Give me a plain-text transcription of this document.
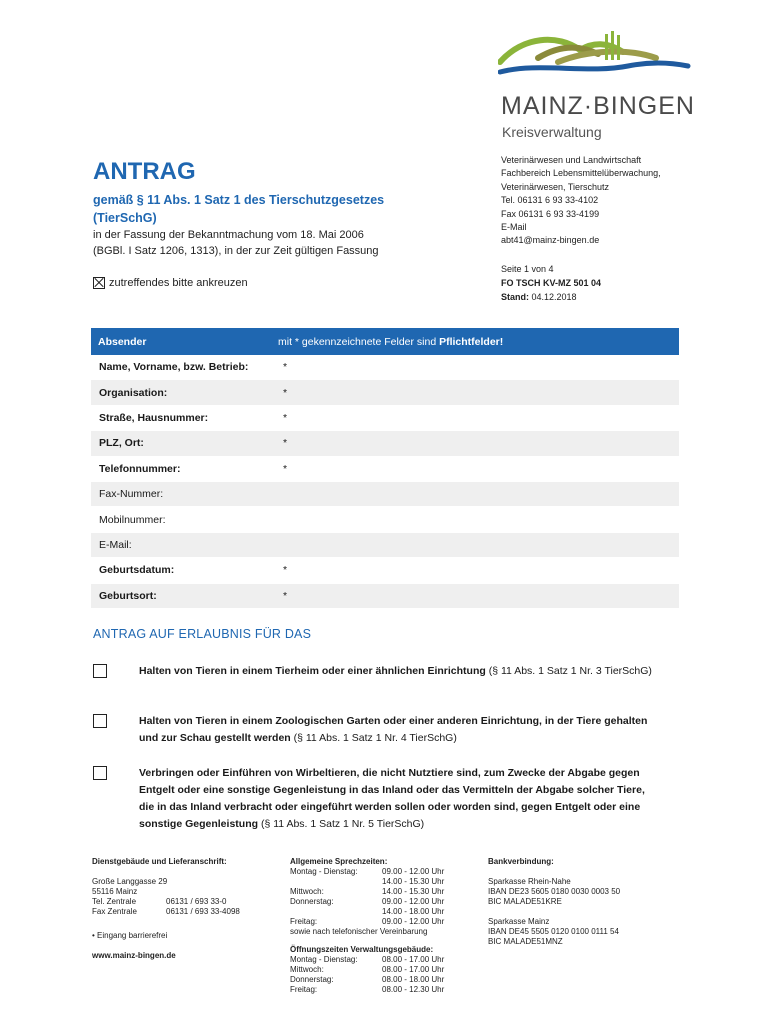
MAINZ·BINGEN
Kreisverwaltung
ANTRAG
gemäß § 11 Abs. 1 Satz 1 des Tierschutzgesetzes (TierSchG)
in der Fassung der Bekanntmachung vom 18. Mai 2006
(BGBl. I Satz 1206, 1313), in der zur Zeit gültigen Fassung
zutreffendes bitte ankreuzen
Veterinärwesen und Landwirtschaft
Fachbereich Lebensmittelüberwachung,
Veterinärwesen, Tierschutz
Tel. 06131 6 93 33-4102
Fax 06131 6 93 33-4199
E-Mail
abt41@mainz-bingen.de
Seite 1 von 4
FO TSCH KV-MZ 501 04
Stand: 04.12.2018
Absender	mit * gekennzeichnete Felder sind Pflichtfelder!
Name, Vorname, bzw. Betrieb:	*
Organisation:	*
Straße, Hausnummer:	*
PLZ, Ort:	*
Telefonnummer:	*
Fax-Nummer:
Mobilnummer:
E-Mail:
Geburtsdatum:	*
Geburtsort:	*
ANTRAG AUF ERLAUBNIS FÜR DAS
Halten von Tieren in einem Tierheim oder einer ähnlichen Einrichtung (§ 11 Abs. 1 Satz 1 Nr. 3 TierSchG)
Halten von Tieren in einem Zoologischen Garten oder einer anderen Einrichtung, in der Tiere gehalten und zur Schau gestellt werden (§ 11 Abs. 1 Satz 1 Nr. 4 TierSchG)
Verbringen oder Einführen von Wirbeltieren, die nicht Nutztiere sind, zum Zwecke der Abgabe gegen Entgelt oder eine sonstige Gegenleistung in das Inland oder das Vermitteln der Abgabe solcher Tiere, die in das Inland verbracht oder eingeführt werden sollen oder worden sind, gegen Entgelt oder eine sonstige Gegenleistung (§ 11 Abs. 1 Satz 1 Nr. 5 TierSchG)
Dienstgebäude und Lieferanschrift:
Große Langgasse 29
55116 Mainz
Tel. Zentrale	06131 / 693 33-0
Fax Zentrale	06131 / 693 33-4098
• Eingang barrierefrei
www.mainz-bingen.de
Allgemeine Sprechzeiten:
Montag - Dienstag:	09.00 - 12.00 Uhr
	14.00 - 15.30 Uhr
Mittwoch:	14.00 - 15.30 Uhr
Donnerstag:	09.00 - 12.00 Uhr
	14.00 - 18.00 Uhr
Freitag:	09.00 - 12.00 Uhr
sowie nach telefonischer Vereinbarung
Öffnungszeiten Verwaltungsgebäude:
Montag - Dienstag:	08.00 - 17.00 Uhr
Mittwoch:	08.00 - 17.00 Uhr
Donnerstag:	08.00 - 18.00 Uhr
Freitag:	08.00 - 12.30 Uhr
Bankverbindung:
Sparkasse Rhein-Nahe
IBAN DE23 5605 0180 0030 0003 50
BIC MALADE51KRE
Sparkasse Mainz
IBAN DE45 5505 0120 0100 0111 54
BIC MALADE51MNZ
